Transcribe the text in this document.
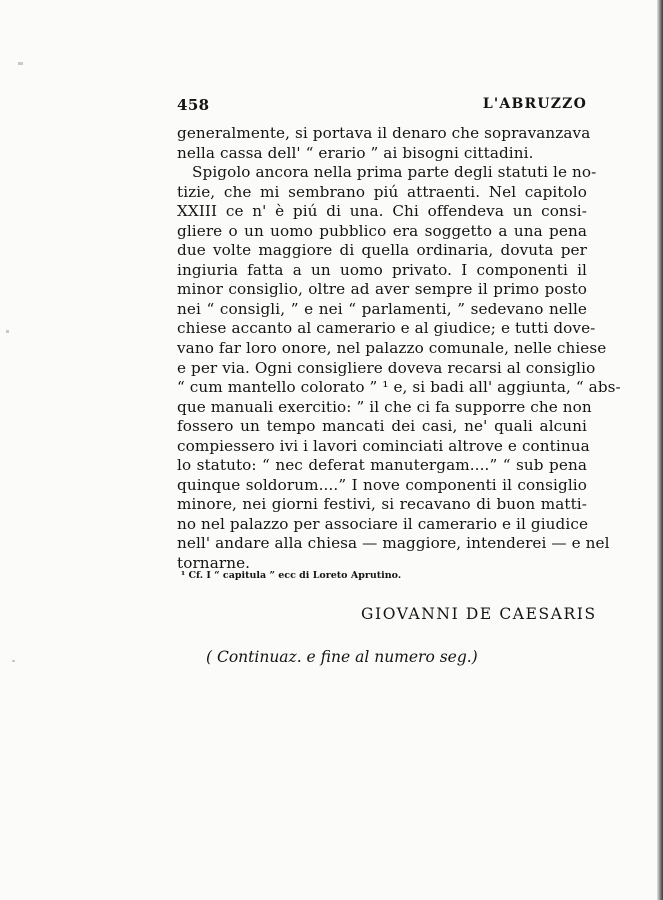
458	L'ABRUZZO
generalmente, si portava il denaro che sopravanzava
nella cassa dell' “ erario ” ai bisogni cittadini.
Spigolo ancora nella prima parte degli statuti le no-
tizie, che mi sembrano piú attraenti. Nel capitolo
XXIII ce n' è piú di una. Chi offendeva un consi-
gliere o un uomo pubblico era soggetto a una pena
due volte maggiore di quella ordinaria, dovuta per
ingiuria fatta a un uomo privato. I componenti il
minor consiglio, oltre ad aver sempre il primo posto
nei “ consigli, ” e nei “ parlamenti, ” sedevano nelle
chiese accanto al camerario e al giudice; e tutti dove-
vano far loro onore, nel palazzo comunale, nelle chiese
e per via. Ogni consigliere doveva recarsi al consiglio
“ cum mantello colorato ” ¹ e, si badi all' aggiunta, “ abs-
que manuali exercitio: ” il che ci fa supporre che non
fossero un tempo mancati dei casi, ne' quali alcuni
compiessero ivi i lavori cominciati altrove e continua
lo statuto: “ nec deferat manutergam....” “ sub pena
quinque soldorum....” I nove componenti il consiglio
minore, nei giorni festivi, si recavano di buon matti-
no nel palazzo per associare il camerario e il giudice
nell' andare alla chiesa — maggiore, intenderei — e nel
tornarne.
¹ Cf. I “ capitula ” ecc di Loreto Aprutino.
GIOVANNI DE CAESARIS
( Continuaz. e fine al numero seg.)
